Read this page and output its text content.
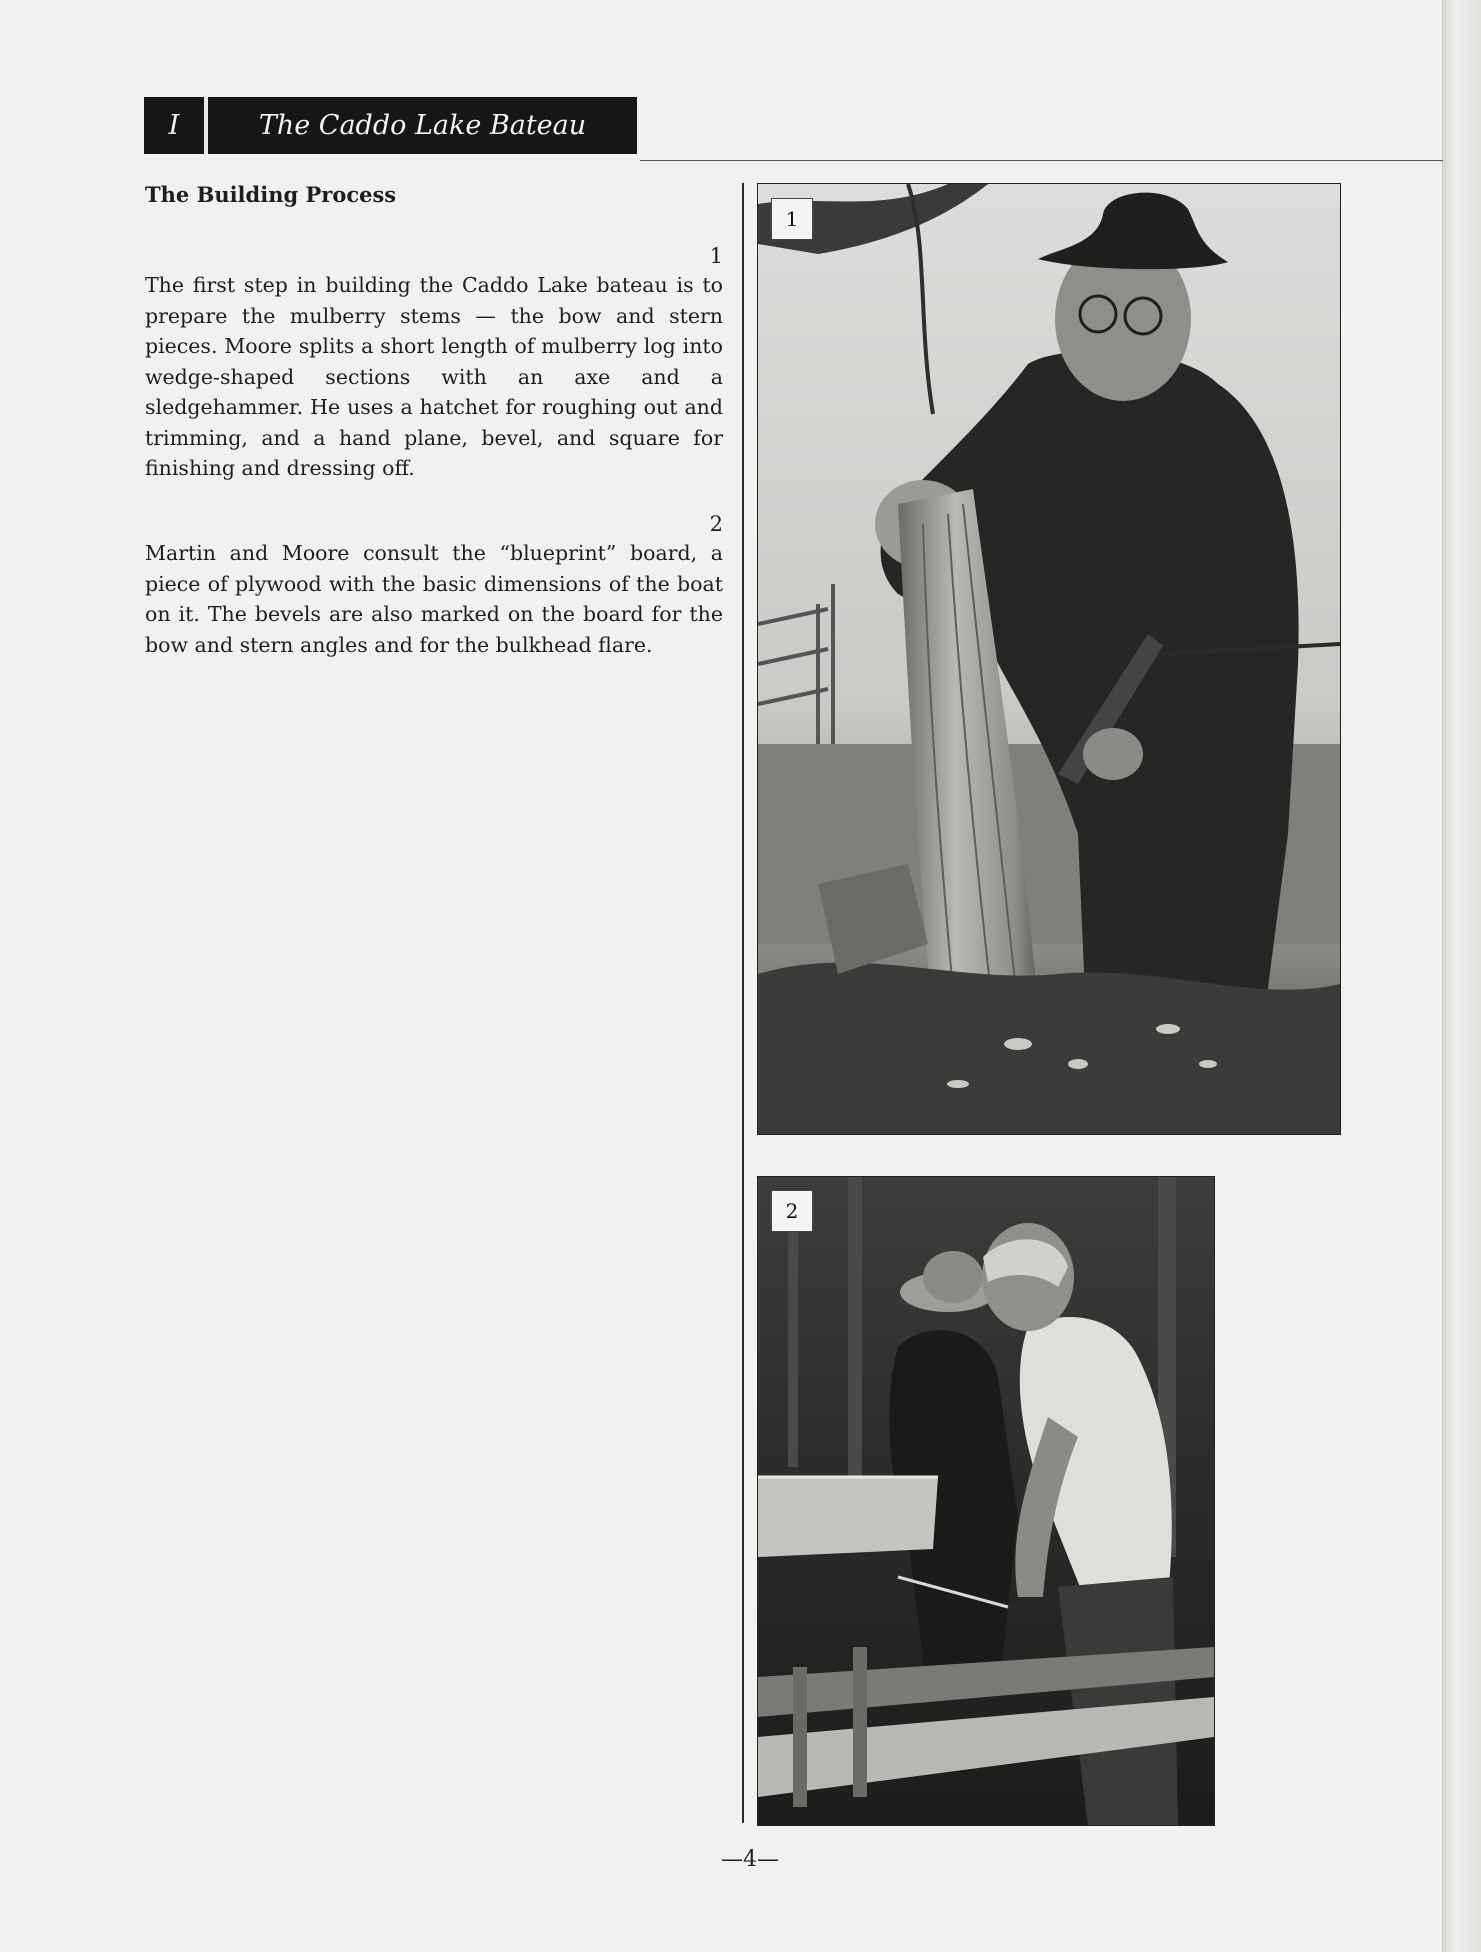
I	The Caddo Lake Bateau
The Building Process
1

The first step in building the Caddo Lake bateau is to prepare the mulberry stems — the bow and stern pieces. Moore splits a short length of mulberry log into wedge-shaped sections with an axe and a sledgehammer. He uses a hatchet for roughing out and trimming, and a hand plane, bevel, and square for finishing and dressing off.

2

Martin and Moore consult the “blueprint” board, a piece of plywood with the basic dimensions of the boat on it. The bevels are also marked on the board for the bow and stern angles and for the bulkhead flare.

1
2
—4—
